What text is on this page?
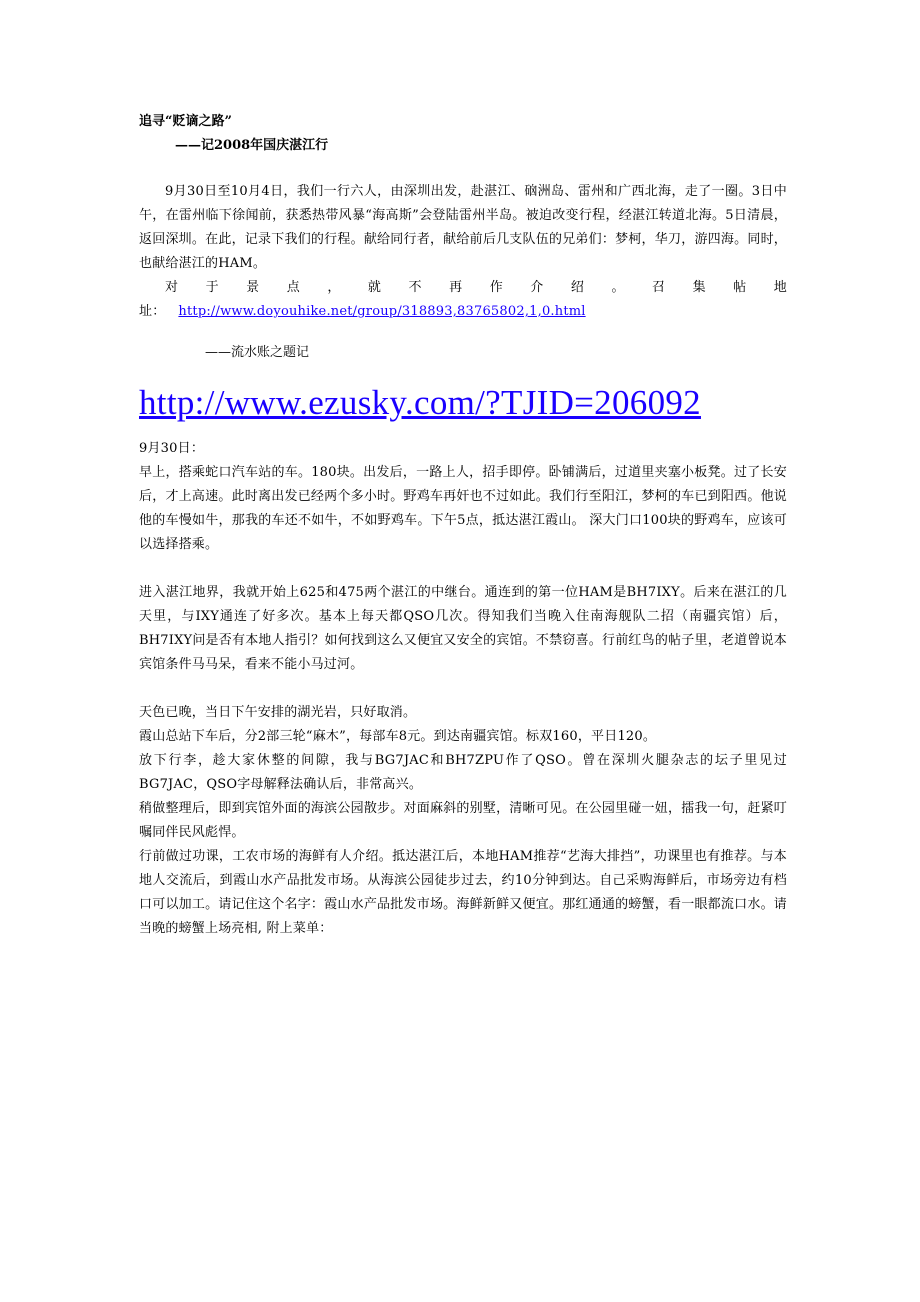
追寻“贬谪之路”

——记2008年国庆湛江行

9月30日至10月4日，我们一行六人，由深圳出发，赴湛江、硇洲岛、雷州和广西北海，走了一圈。3日中午，在雷州临下徐闻前，获悉热带风暴“海高斯”会登陆雷州半岛。被迫改变行程，经湛江转道北海。5日清晨，返回深圳。在此，记录下我们的行程。献给同行者，献给前后几支队伍的兄弟们：梦柯，华刀，游四海。同时，也献给湛江的HAM。

对于景点，就不再作介绍。召集帖地址： http://www.doyouhike.net/group/318893,83765802,1,0.html

——流水账之题记

http://www.ezusky.com/?TJID=206092

9月30日：

早上，搭乘蛇口汽车站的车。180块。出发后，一路上人，招手即停。卧铺满后，过道里夹塞小板凳。过了长安后，才上高速。此时离出发已经两个多小时。野鸡车再奸也不过如此。我们行至阳江，梦柯的车已到阳西。他说他的车慢如牛，那我的车还不如牛，不如野鸡车。下午5点，抵达湛江霞山。 深大门口100块的野鸡车，应该可以选择搭乘。

进入湛江地界，我就开始上625和475两个湛江的中继台。通连到的第一位HAM是BH7IXY。后来在湛江的几天里，与IXY通连了好多次。基本上每天都QSO几次。得知我们当晚入住南海舰队二招（南疆宾馆）后，BH7IXY问是否有本地人指引？如何找到这么又便宜又安全的宾馆。不禁窃喜。行前红鸟的帖子里，老道曾说本宾馆条件马马呆，看来不能小马过河。

天色已晚，当日下午安排的湖光岩，只好取消。

霞山总站下车后，分2部三轮“麻木”，每部车8元。到达南疆宾馆。标双160，平日120。

放下行李，趁大家休整的间隙，我与BG7JAC和BH7ZPU作了QSO。曾在深圳火腿杂志的坛子里见过BG7JAC，QSO字母解释法确认后，非常高兴。

稍做整理后，即到宾馆外面的海滨公园散步。对面麻斜的别墅，清晰可见。在公园里碰一妞，擂我一句，赶紧叮嘱同伴民风彪悍。

行前做过功课，工农市场的海鲜有人介绍。抵达湛江后，本地HAM推荐“艺海大排挡”，功课里也有推荐。与本地人交流后，到霞山水产品批发市场。从海滨公园徒步过去，约10分钟到达。自己采购海鲜后，市场旁边有档口可以加工。请记住这个名字：霞山水产品批发市场。海鲜新鲜又便宜。那红通通的螃蟹，看一眼都流口水。请当晚的螃蟹上场亮相, 附上菜单：
